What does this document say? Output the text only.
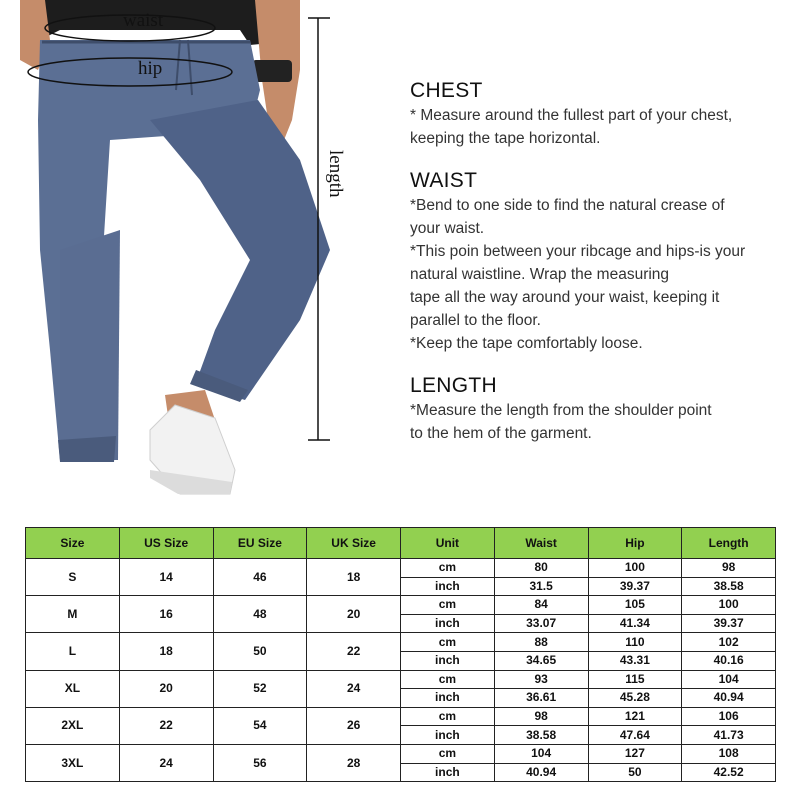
waist
hip
length
CHEST

* Measure around the fullest part of your chest,

keeping the tape horizontal.

WAIST

*Bend to one side to find the natural crease of

your waist.

*This poin between your ribcage and hips-is your

natural waistline. Wrap the measuring

tape all the way around your waist, keeping it

parallel to the floor.

*Keep the tape comfortably loose.

LENGTH

*Measure the length from the shoulder point

to the hem of the garment.

Size	US Size	EU Size	UK Size	Unit	Waist	Hip	Length
S	14	46	18	cm	80	100	98
				inch	31.5	39.37	38.58
M	16	48	20	cm	84	105	100
				inch	33.07	41.34	39.37
L	18	50	22	cm	88	110	102
				inch	34.65	43.31	40.16
XL	20	52	24	cm	93	115	104
				inch	36.61	45.28	40.94
2XL	22	54	26	cm	98	121	106
				inch	38.58	47.64	41.73
3XL	24	56	28	cm	104	127	108
				inch	40.94	50	42.52
